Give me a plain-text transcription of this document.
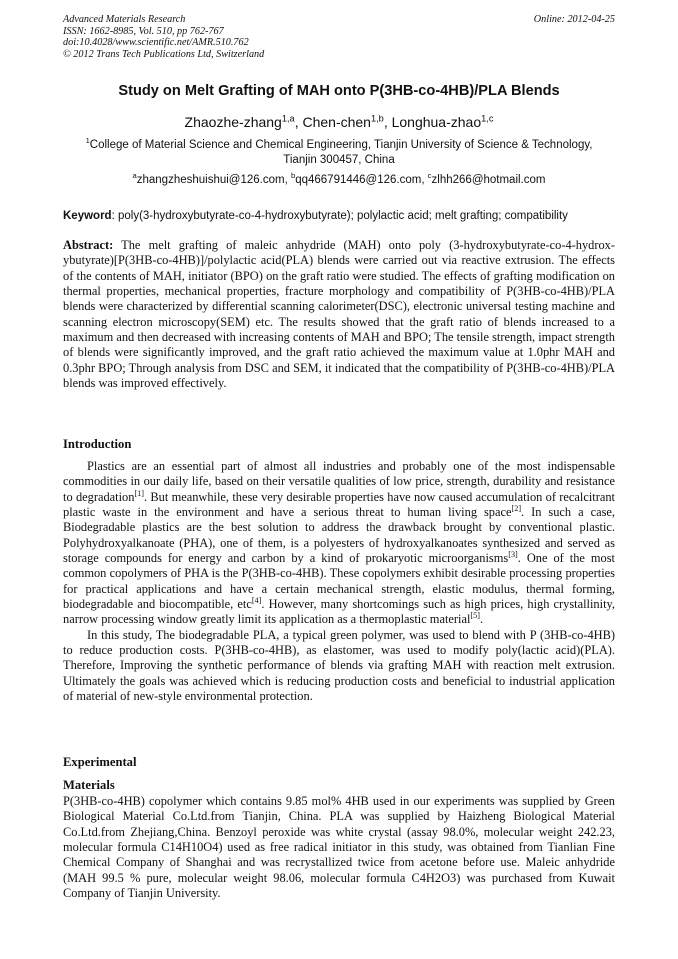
Advanced Materials Research
ISSN: 1662-8985, Vol. 510, pp 762-767
doi:10.4028/www.scientific.net/AMR.510.762
© 2012 Trans Tech Publications Ltd, Switzerland
Online: 2012-04-25
Study on Melt Grafting of MAH onto P(3HB-co-4HB)/PLA Blends
Zhaozhe-zhang$^{1,a}$, Chen-chen$^{1,b}$, Longhua-zhao$^{1,c}$
$^1$College of Material Science and Chemical Engineering, Tianjin University of Science & Technology,
Tianjin 300457, China
$^a$zhangzheshuishui@126.com, $^b$qq466791446@126.com, $^c$zlhh266@hotmail.com
Keyword: poly(3-hydroxybutyrate-co-4-hydroxybutyrate); polylactic acid; melt grafting; compatibility
Abstract: The melt grafting of maleic anhydride (MAH) onto poly (3-hydroxybutyrate-co-4-hydrox-ybutyrate)[P(3HB-co-4HB)]/polylactic acid(PLA) blends were carried out via reactive extrusion. The effects of the contents of MAH, initiator (BPO) on the graft ratio were studied. The effects of grafting modification on thermal properties, mechanical properties, fracture morphology and compatibility of P(3HB-co-4HB)/PLA blends were characterized by differential scanning calorimeter(DSC), electronic universal testing machine and scanning electron microscopy(SEM) etc. The results showed that the graft ratio of blends increased to a maximum and then decreased with increasing contents of MAH and BPO; The tensile strength, impact strength of blends were significantly improved, and the graft ratio achieved the maximum value at 1.0phr MAH and 0.3phr BPO; Through analysis from DSC and SEM, it indicated that the compatibility of P(3HB-co-4HB)/PLA blends was improved effectively.
Introduction

Plastics are an essential part of almost all industries and probably one of the most indispensable commodities in our daily life, based on their versatile qualities of low price, strength, durability and resistance to degradation[1]. But meanwhile, these very desirable properties have now caused accumulation of recalcitrant plastic waste in the environment and have a serious threat to human living space[2]. In such a case, Biodegradable plastics are the best solution to address the drawback brought by conventional plastic. Polyhydroxyalkanoate (PHA), one of them, is a polyesters of hydroxyalkanoates synthesized and served as storage compounds for energy and carbon by a kind of prokaryotic microorganisms[3]. One of the most common copolymers of PHA is the P(3HB-co-4HB). These copolymers exhibit desirable processing properties for practical applications and have a certain mechanical strength, elastic modulus, thermal forming, biodegradable and biocompatible, etc[4]. However, many shortcomings such as high prices, high crystallinity, narrow processing window greatly limit its application as a thermoplastic material[5].

In this study, The biodegradable PLA, a typical green polymer, was used to blend with P (3HB-co-4HB) to reduce production costs. P(3HB-co-4HB), as elastomer, was used to modify poly(lactic acid)(PLA). Therefore, Improving the synthetic performance of blends via grafting MAH with reaction melt extrusion. Ultimately the goals was achieved which is reducing production costs and beneficial to industrial application of material of new-style environmental protection.

Experimental
Materials
P(3HB-co-4HB) copolymer which contains 9.85 mol% 4HB used in our experiments was supplied by Green Biological Material Co.Ltd.from Tianjin, China. PLA was supplied by Haizheng Biological Material Co.Ltd.from Zhejiang,China. Benzoyl peroxide was white crystal (assay 98.0%, molecular weight 242.23, molecular formula C14H10O4) used as free radical initiator in this study, was obtained from Tianlian Fine Chemical Company of Shanghai and was recrystallized twice from acetone before use. Maleic anhydride (MAH 99.5 % pure, molecular weight 98.06, molecular formula C4H2O3) was purchased from Kuwait Company of Tianjin University.
